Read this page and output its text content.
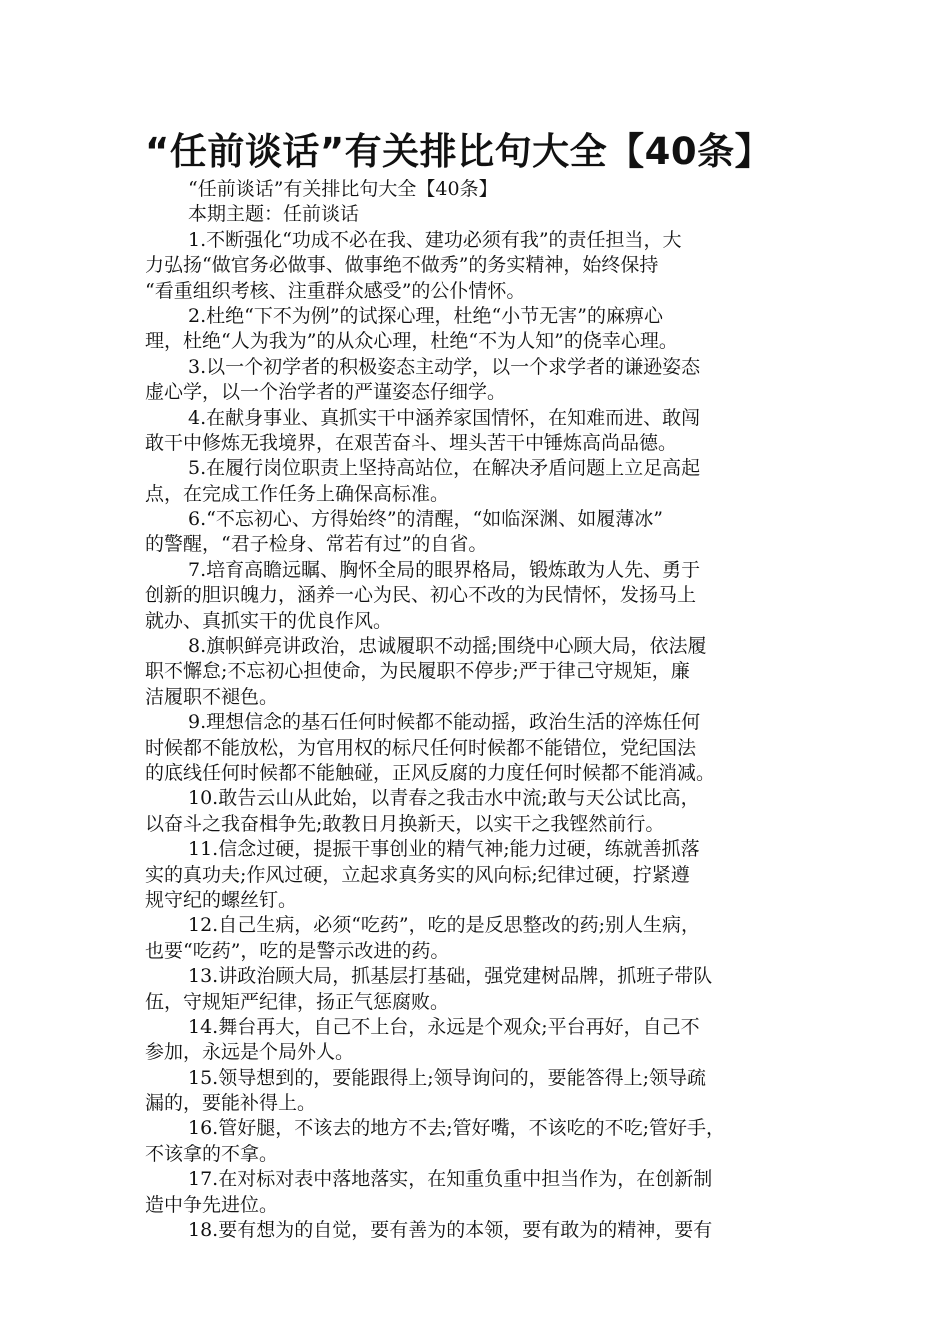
“任前谈话”有关排比句大全【40条】
“任前谈话”有关排比句大全【40条】
本期主题：任前谈话
1.不断强化“功成不必在我、建功必须有我”的责任担当，大
力弘扬“做官务必做事、做事绝不做秀”的务实精神，始终保持
“看重组织考核、注重群众感受”的公仆情怀。
2.杜绝“下不为例”的试探心理，杜绝“小节无害”的麻痹心
理，杜绝“人为我为”的从众心理，杜绝“不为人知”的侥幸心理。
3.以一个初学者的积极姿态主动学，以一个求学者的谦逊姿态
虚心学，以一个治学者的严谨姿态仔细学。
4.在献身事业、真抓实干中涵养家国情怀，在知难而进、敢闯
敢干中修炼无我境界，在艰苦奋斗、埋头苦干中锤炼高尚品德。
5.在履行岗位职责上坚持高站位，在解决矛盾问题上立足高起
点，在完成工作任务上确保高标准。
6.“不忘初心、方得始终”的清醒，“如临深渊、如履薄冰”
的警醒，“君子检身、常若有过”的自省。
7.培育高瞻远瞩、胸怀全局的眼界格局，锻炼敢为人先、勇于
创新的胆识魄力，涵养一心为民、初心不改的为民情怀，发扬马上
就办、真抓实干的优良作风。
8.旗帜鲜亮讲政治，忠诚履职不动摇;围绕中心顾大局，依法履
职不懈怠;不忘初心担使命，为民履职不停步;严于律己守规矩，廉
洁履职不褪色。
9.理想信念的基石任何时候都不能动摇，政治生活的淬炼任何
时候都不能放松，为官用权的标尺任何时候都不能错位，党纪国法
的底线任何时候都不能触碰，正风反腐的力度任何时候都不能消减。
10.敢告云山从此始，以青春之我击水中流;敢与天公试比高，
以奋斗之我奋楫争先;敢教日月换新天，以实干之我铿然前行。
11.信念过硬，提振干事创业的精气神;能力过硬，练就善抓落
实的真功夫;作风过硬，立起求真务实的风向标;纪律过硬，拧紧遵
规守纪的螺丝钉。
12.自己生病，必须“吃药”，吃的是反思整改的药;别人生病，
也要“吃药”，吃的是警示改进的药。
13.讲政治顾大局，抓基层打基础，强党建树品牌，抓班子带队
伍，守规矩严纪律，扬正气惩腐败。
14.舞台再大，自己不上台，永远是个观众;平台再好，自己不
参加，永远是个局外人。
15.领导想到的，要能跟得上;领导询问的，要能答得上;领导疏
漏的，要能补得上。
16.管好腿，不该去的地方不去;管好嘴，不该吃的不吃;管好手，
不该拿的不拿。
17.在对标对表中落地落实，在知重负重中担当作为，在创新制
造中争先进位。
18.要有想为的自觉，要有善为的本领，要有敢为的精神，要有
